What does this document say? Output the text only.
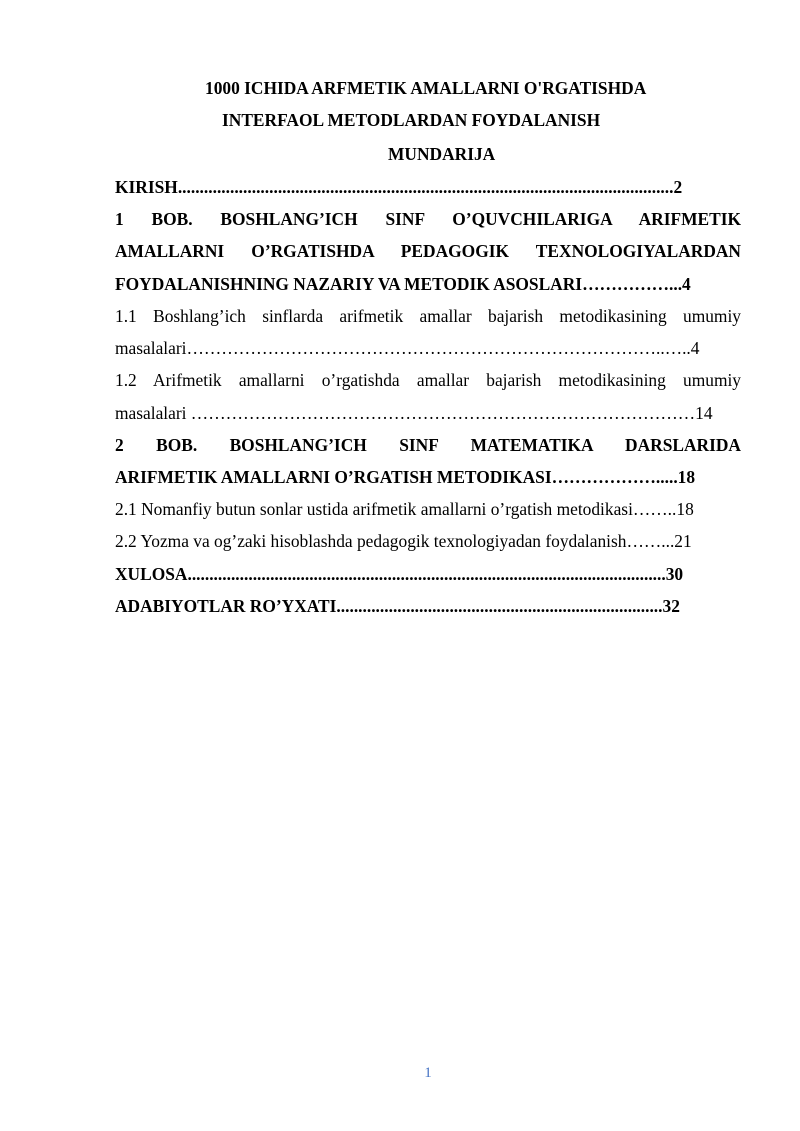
1000 ICHIDA ARFMETIK AMALLARNI O'RGATISHDA
INTERFAOL METODLARDAN FOYDALANISH
MUNDARIJA
KIRISH..................................................................................................................2
1 BOB. BOSHLANG’ICH SINF O’QUVCHILARIGA ARIFMETIK
AMALLARNI O’RGATISHDA PEDAGOGIK TEXNOLOGIYALARDAN
FOYDALANISHNING NAZARIY VA METODIK ASOSLARI……………...4
1.1 Boshlang’ich sinflarda arifmetik amallar bajarish metodikasining umumiy
masalalari………………………………………………………………………..…..4
1.2 Arifmetik amallarni o’rgatishda amallar bajarish metodikasining umumiy
masalalari ……………………………………………………………………………14
2 BOB. BOSHLANG’ICH SINF MATEMATIKA DARSLARIDA
ARIFMETIK AMALLARNI O’RGATISH METODIKASI……………….....18
2.1 Nomanfiy butun sonlar ustida arifmetik amallarni o’rgatish metodikasi……..18
2.2 Yozma va og’zaki hisoblashda pedagogik texnologiyadan foydalanish……...21
XULOSA..............................................................................................................30
ADABIYOTLAR RO’YXATI...........................................................................32
1
